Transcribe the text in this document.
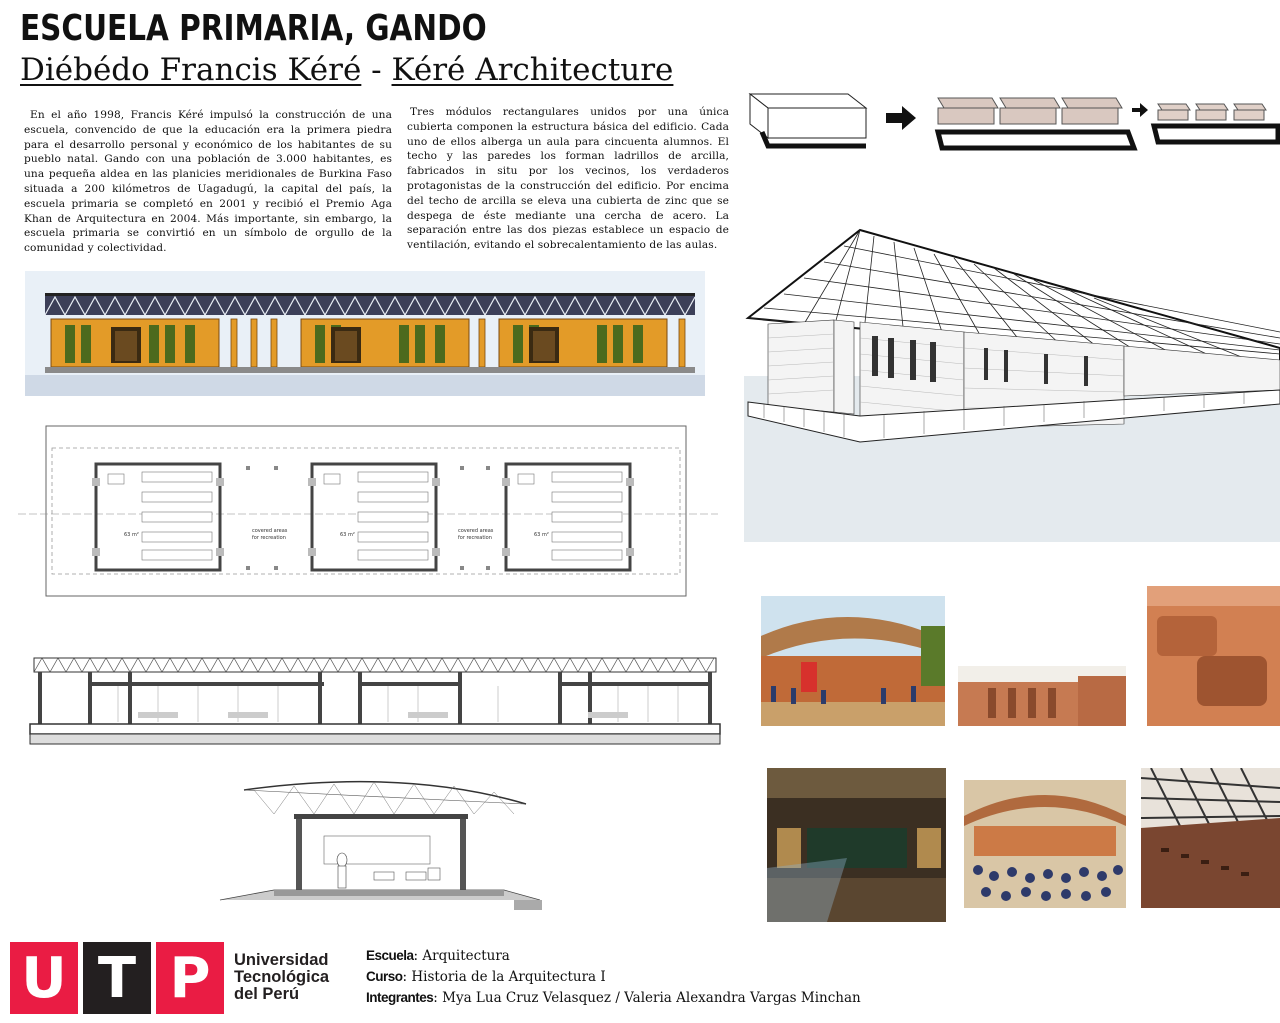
ESCUELA PRIMARIA, GANDO
Diébédo Francis Kéré - Kéré Architecture

En el año 1998, Francis Kéré impulsó la construcción de una escuela, convencido de que la educación era la primera piedra para el desarrollo personal y económico de los habitantes de su pueblo natal. Gando con una población de 3.000 habitantes, es una pequeña aldea en las planicies meridionales de Burkina Faso situada a 200 kilómetros de Uagadugú, la capital del país, la escuela primaria se completó en 2001 y recibió el Premio Aga Khan de Arquitectura en 2004. Más importante, sin embargo, la escuela primaria se convirtió en un símbolo de orgullo de la comunidad y colectividad.

Tres módulos rectangulares unidos por una única cubierta componen la estructura básica del edificio. Cada uno de ellos alberga un aula para cincuenta alumnos. El techo y las paredes los forman ladrillos de arcilla, fabricados in situ por los vecinos, los verdaderos protagonistas de la construcción del edificio. Por encima del techo de arcilla se eleva una cubierta de zinc que se despega de éste mediante una cercha de acero. La separación entre las dos piezas establece un espacio de ventilación, evitando el sobrecalentamiento de las aulas.

63 m²	63 m²	63 m²
covered areas
for recreation
covered areas
for recreation
U T P	Universidad
Tecnológica
del Perú
Escuela: Arquitectura
Curso: Historia de la Arquitectura I
Integrantes: Mya Lua Cruz Velasquez / Valeria Alexandra Vargas Minchan
